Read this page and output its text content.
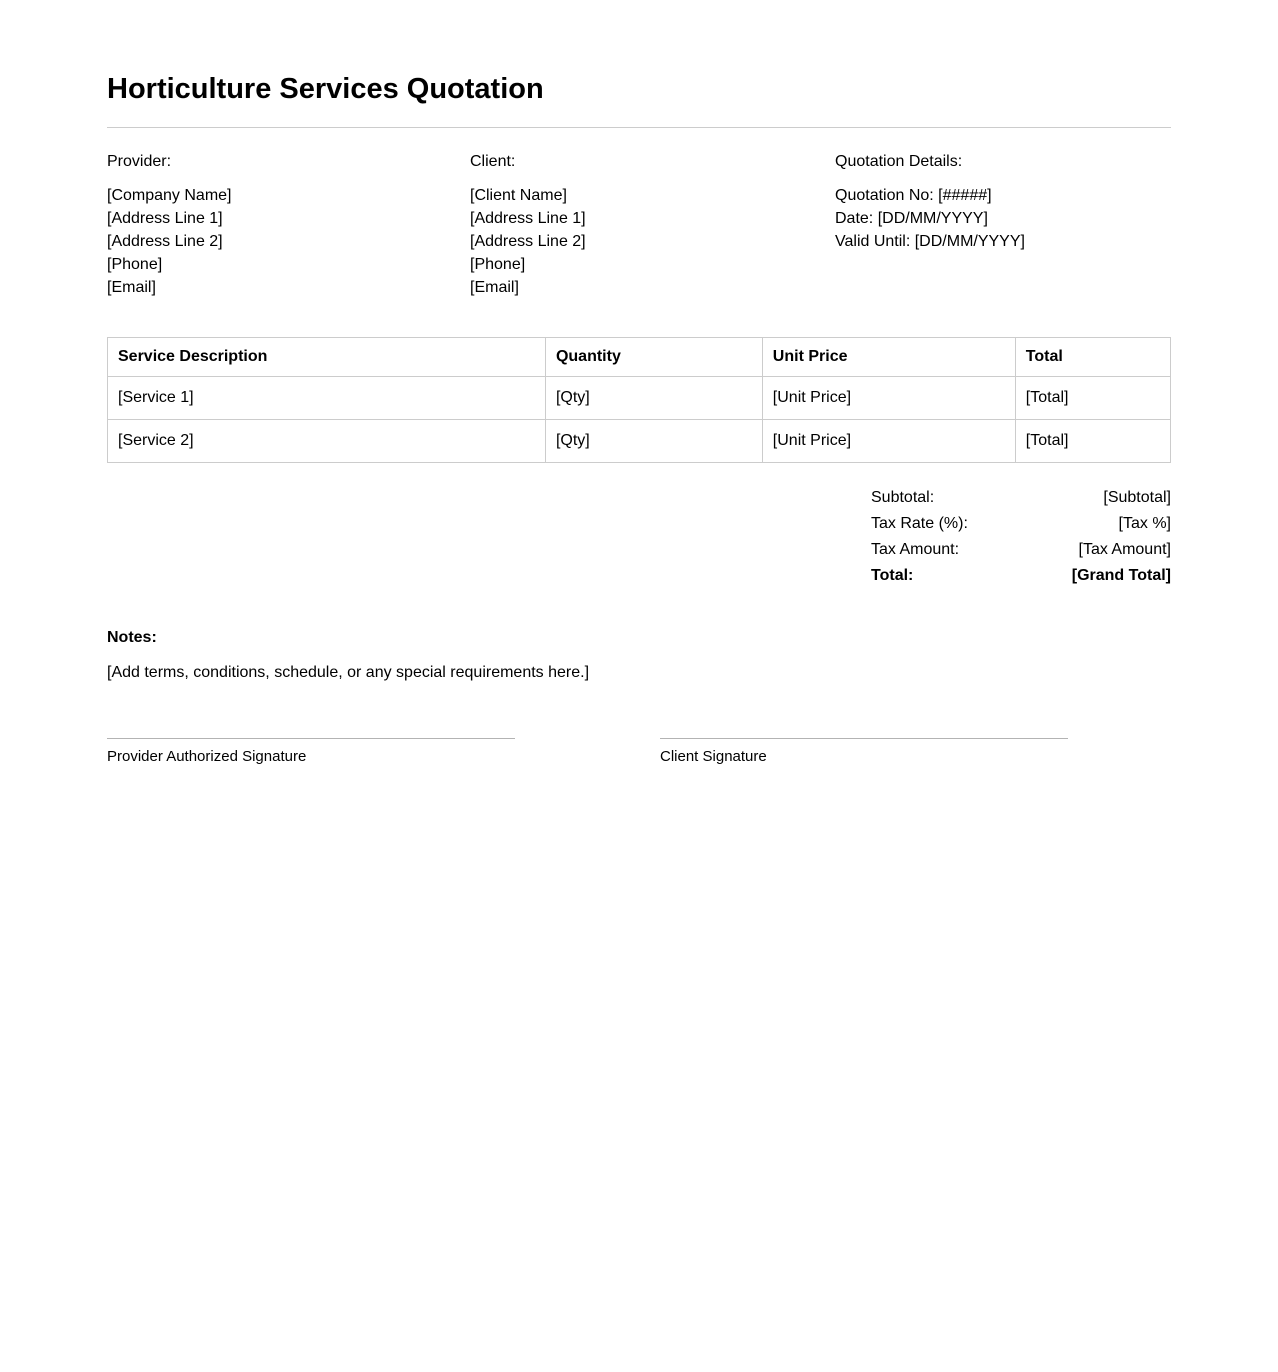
Horticulture Services Quotation
Provider:
[Company Name]
[Address Line 1]
[Address Line 2]
[Phone]
[Email]
Client:
[Client Name]
[Address Line 1]
[Address Line 2]
[Phone]
[Email]
Quotation Details:
Quotation No: [#####]
Date: [DD/MM/YYYY]
Valid Until: [DD/MM/YYYY]
Service Description	Quantity	Unit Price	Total
[Service 1]	[Qty]	[Unit Price]	[Total]
[Service 2]	[Qty]	[Unit Price]	[Total]
Subtotal:	[Subtotal]
Tax Rate (%):	[Tax %]
Tax Amount:	[Tax Amount]
Total:	[Grand Total]
Notes:

[Add terms, conditions, schedule, or any special requirements here.]

Provider Authorized Signature	Client Signature
